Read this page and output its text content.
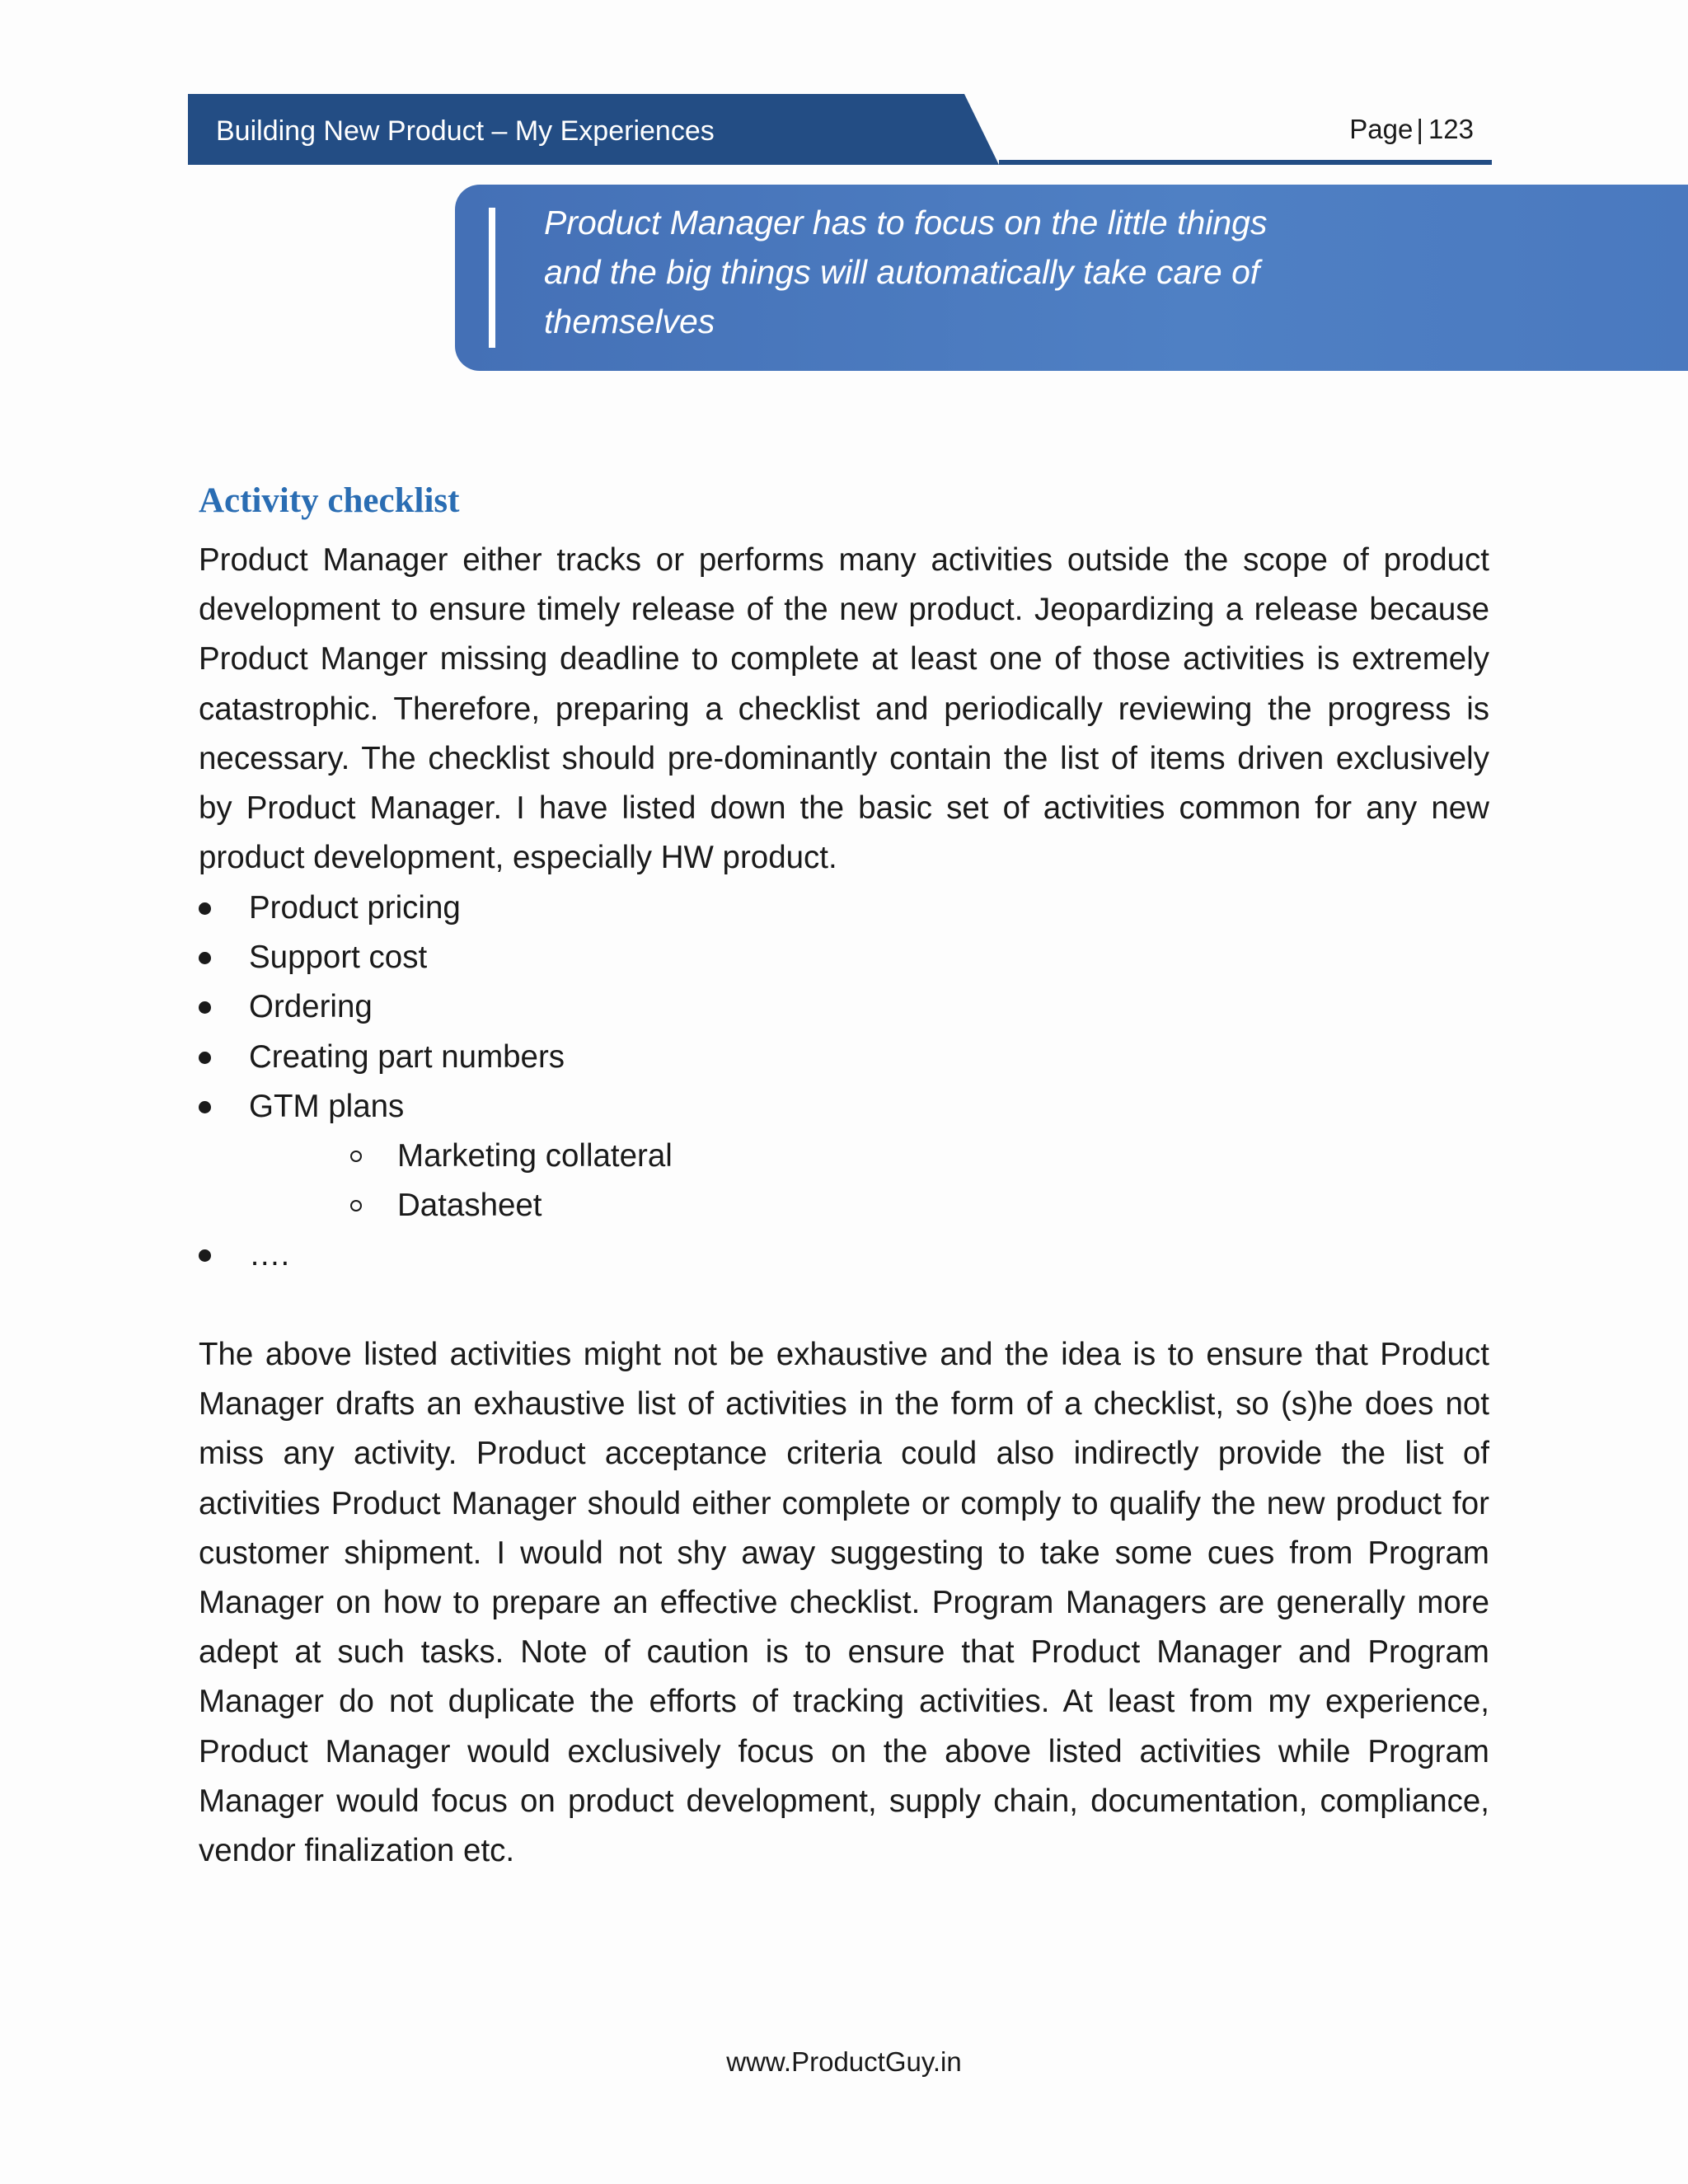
Building New Product – My Experiences	Page | 123
Product Manager has to focus on the little things
and the big things will automatically take care of
themselves
Activity checklist
Product Manager either tracks or performs many activities outside the scope of product development to ensure timely release of the new product. Jeopardizing a release because Product Manger missing deadline to complete at least one of those activities is extremely catastrophic. Therefore, preparing a checklist and periodically reviewing the progress is necessary. The checklist should pre-dominantly contain the list of items driven exclusively by Product Manager. I have listed down the basic set of activities common for any new product development, especially HW product.
Product pricing
Support cost
Ordering
Creating part numbers
GTM plans
Marketing collateral
Datasheet
….
The above listed activities might not be exhaustive and the idea is to ensure that Product Manager drafts an exhaustive list of activities in the form of a checklist, so (s)he does not miss any activity. Product acceptance criteria could also indirectly provide the list of activities Product Manager should either complete or comply to qualify the new product for customer shipment. I would not shy away suggesting to take some cues from Program Manager on how to prepare an effective checklist. Program Managers are generally more adept at such tasks. Note of caution is to ensure that Product Manager and Program Manager do not duplicate the efforts of tracking activities. At least from my experience, Product Manager would exclusively focus on the above listed activities while Program Manager would focus on product development, supply chain, documentation, compliance, vendor finalization etc.
www.ProductGuy.in
